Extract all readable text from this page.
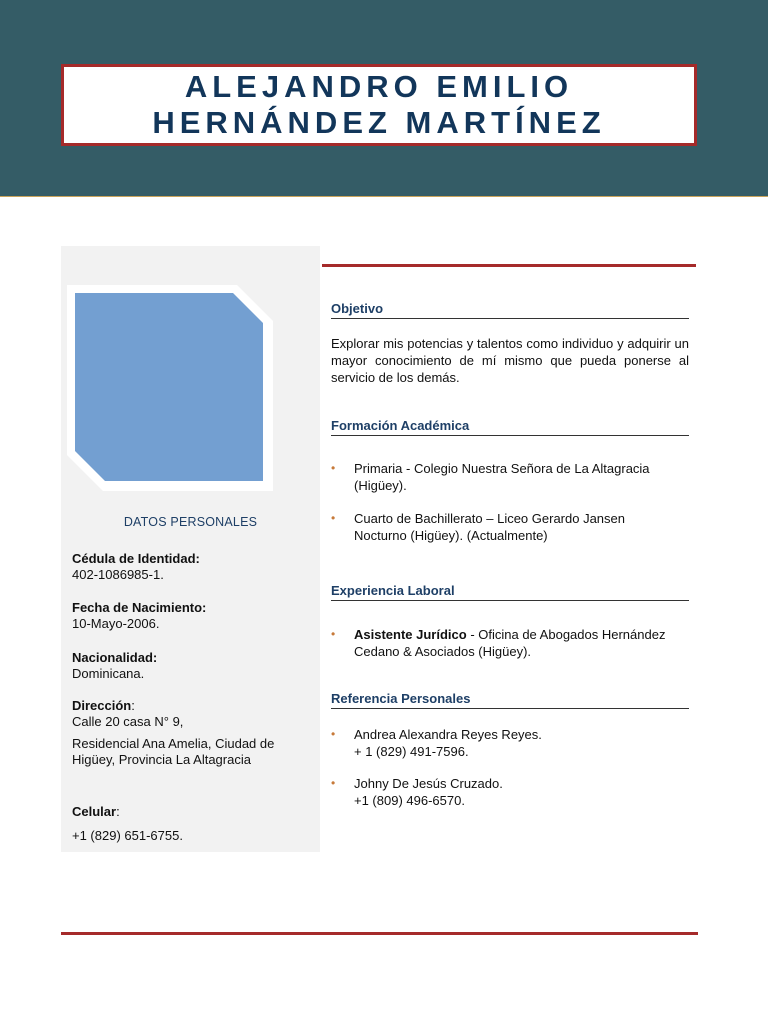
ALEJANDRO EMILIO
HERNÁNDEZ MARTÍNEZ
DATOS PERSONALES
Cédula de Identidad:
402-1086985-1.
Fecha de Nacimiento:
10-Mayo-2006.
Nacionalidad:
Dominicana.
Dirección:
Calle 20 casa N° 9,
Residencial Ana Amelia, Ciudad de
Higüey, Provincia La Altagracia
Celular:
+1 (829) 651-6755.
Objetivo
Explorar mis potencias y talentos como individuo y adquirir un mayor conocimiento de mí mismo que pueda ponerse al servicio de los demás.
Formación Académica
• Primaria - Colegio Nuestra Señora de La Altagracia
(Higüey).
• Cuarto de Bachillerato – Liceo Gerardo Jansen
Nocturno (Higüey). (Actualmente)
Experiencia Laboral
• Asistente Jurídico - Oficina de Abogados Hernández
Cedano & Asociados (Higüey).
Referencia Personales
• Andrea Alexandra Reyes Reyes.
+ 1 (829) 491-7596.
• Johny De Jesús Cruzado.
+1 (809) 496-6570.
